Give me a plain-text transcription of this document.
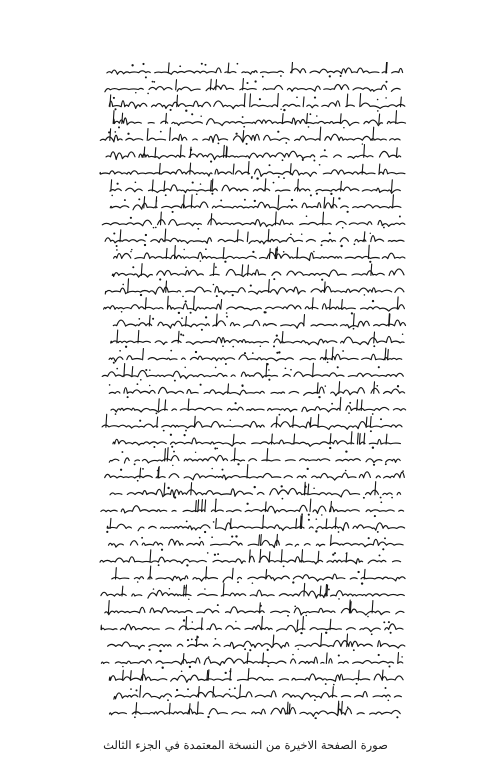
صورة الصفحة الاخيرة من النسخة المعتمدة في الجزء الثالث
